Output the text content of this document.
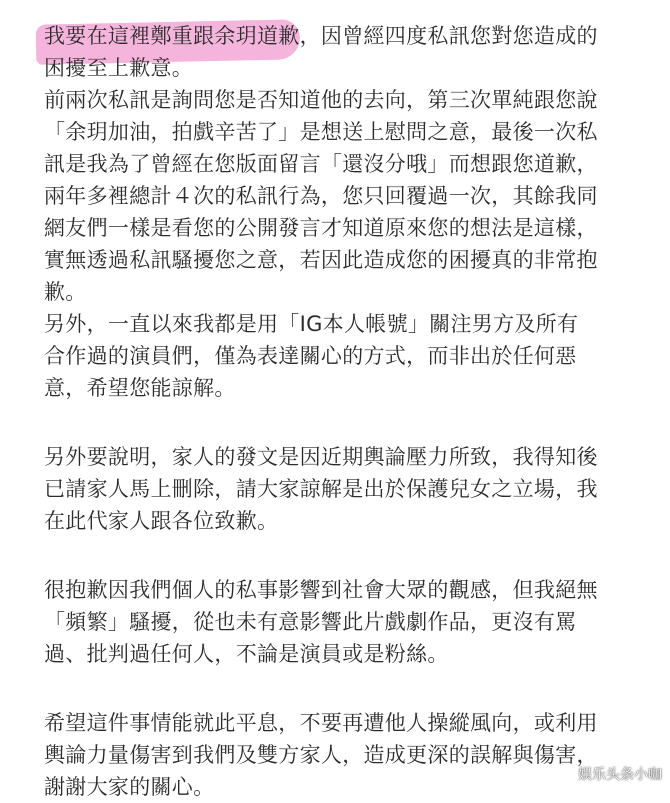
我要在這裡鄭重跟余玥道歉，因曾經四度私訊您對您造成的
困擾至上歉意。
前兩次私訊是詢問您是否知道他的去向，第三次單純跟您說
「余玥加油，拍戲辛苦了」是想送上慰問之意，最後一次私
訊是我為了曾經在您版面留言「還沒分哦」而想跟您道歉，
兩年多裡總計４次的私訊行為，您只回覆過一次，其餘我同
網友們一樣是看您的公開發言才知道原來您的想法是這樣，
實無透過私訊騷擾您之意，若因此造成您的困擾真的非常抱
歉。
另外，一直以來我都是用「IG本人帳號」關注男方及所有
合作過的演員們，僅為表達關心的方式，而非出於任何惡
意，希望您能諒解。
另外要說明，家人的發文是因近期輿論壓力所致，我得知後
已請家人馬上刪除，請大家諒解是出於保護兒女之立場，我
在此代家人跟各位致歉。
很抱歉因我們個人的私事影響到社會大眾的觀感，但我絕無
「頻繁」騷擾，從也未有意影響此片戲劇作品，更沒有罵
過、批判過任何人，不論是演員或是粉絲。
希望這件事情能就此平息，不要再遭他人操縱風向，或利用
輿論力量傷害到我們及雙方家人，造成更深的誤解與傷害，
謝謝大家的關心。	娱乐头条小咖
